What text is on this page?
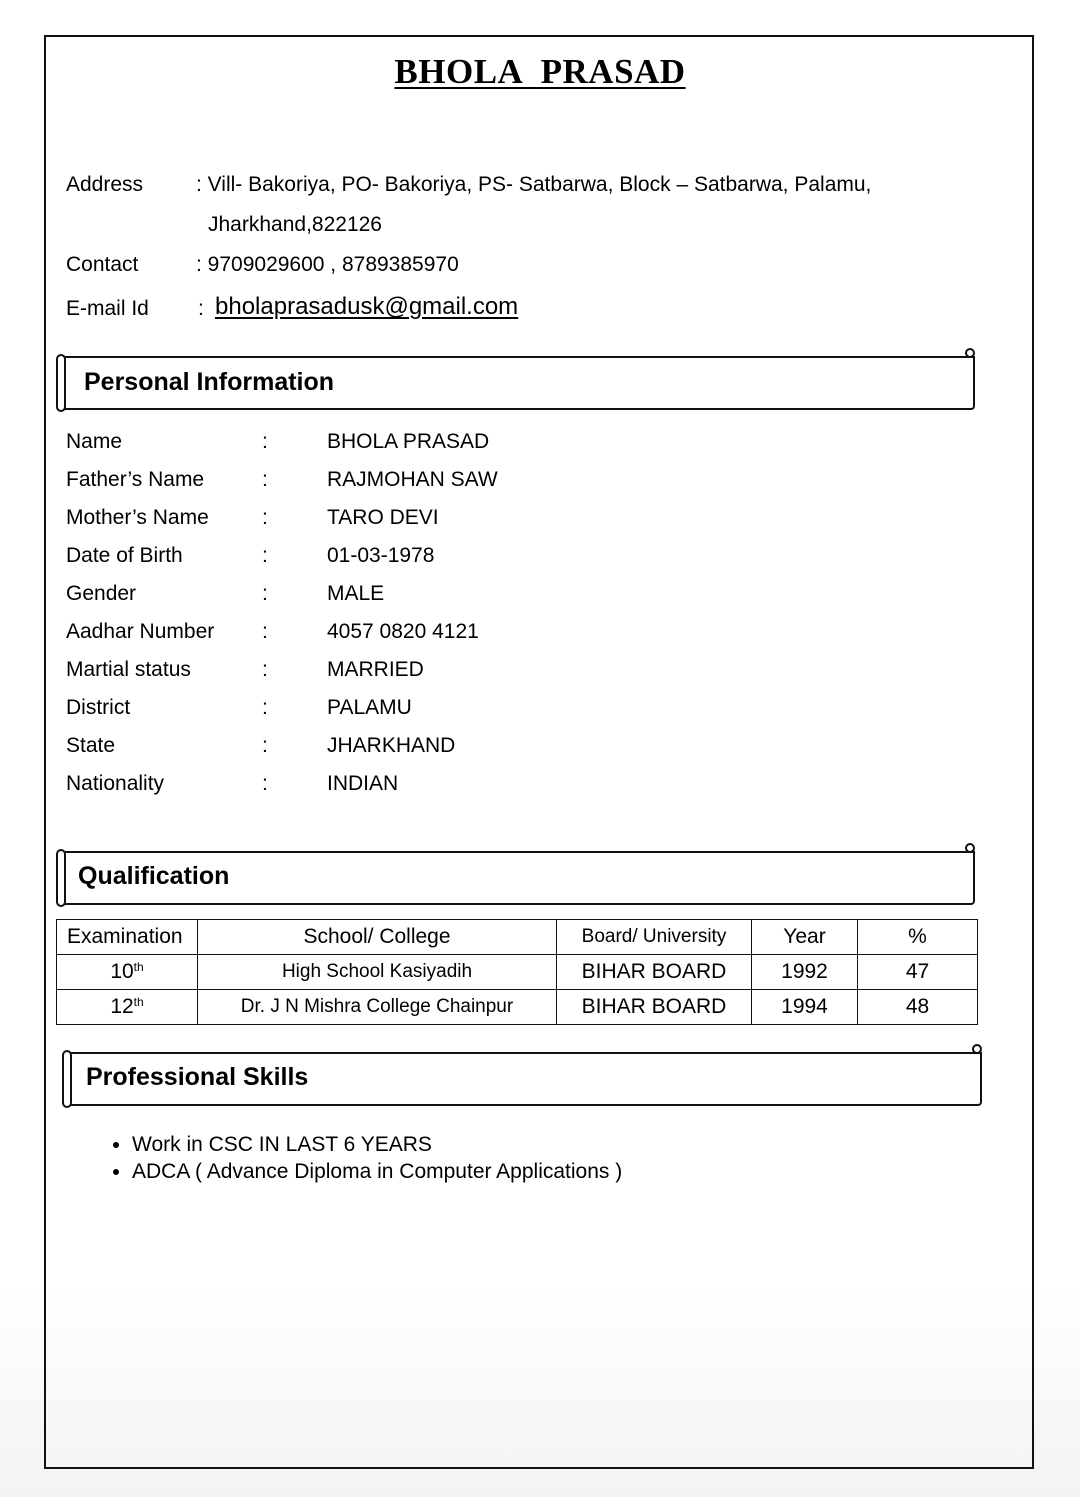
BHOLA PRASAD
Address	: Vill- Bakoriya, PO- Bakoriya, PS- Satbarwa, Block – Satbarwa, Palamu,
Jharkhand,822126
Contact	: 9709029600 , 8789385970
E-mail Id : bholaprasadusk@gmail.com
Personal Information
Name	:	BHOLA PRASAD
Father’s Name	:	RAJMOHAN SAW
Mother’s Name	:	TARO DEVI
Date of Birth	:	01-03-1978
Gender	:	MALE
Aadhar Number :	4057 0820 4121
Martial status	:	MARRIED
District	:	PALAMU
State	:	JHARKHAND
Nationality	:	INDIAN
Qualification
Examination	School/ College	Board/ University	Year	%
10th	High School Kasiyadih	BIHAR BOARD	1992	47
12th	Dr. J N Mishra College Chainpur	BIHAR BOARD	1994	48
Professional Skills
• Work in CSC IN LAST 6 YEARS
• ADCA ( Advance Diploma in Computer Applications )
